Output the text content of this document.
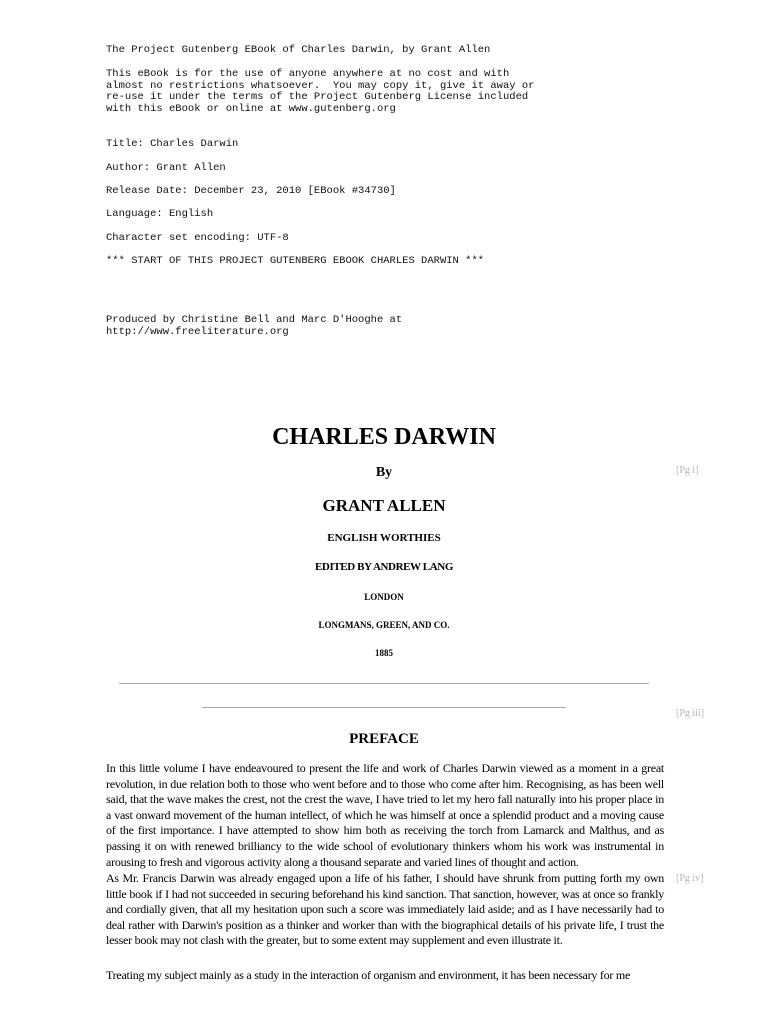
The Project Gutenberg EBook of Charles Darwin, by Grant Allen
This eBook is for the use of anyone anywhere at no cost and with
almost no restrictions whatsoever.  You may copy it, give it away or
re-use it under the terms of the Project Gutenberg License included
with this eBook or online at www.gutenberg.org
Title: Charles Darwin
Author: Grant Allen
Release Date: December 23, 2010 [EBook #34730]
Language: English
Character set encoding: UTF-8
*** START OF THIS PROJECT GUTENBERG EBOOK CHARLES DARWIN ***
Produced by Christine Bell and Marc D'Hooghe at
http://www.freeliterature.org
CHARLES DARWIN
By
GRANT ALLEN
ENGLISH WORTHIES
EDITED BY ANDREW LANG
LONDON
LONGMANS, GREEN, AND CO.
1885
[Pg i]
[Pg iii]
PREFACE

In this little volume I have endeavoured to present the life and work of Charles Darwin viewed as a moment in a great revolution, in due relation both to those who went before and to those who come after him. Recognising, as has been well said, that the wave makes the crest, not the crest the wave, I have tried to let my hero fall naturally into his proper place in a vast onward movement of the human intellect, of which he was himself at once a splendid product and a moving cause of the first importance. I have attempted to show him both as receiving the torch from Lamarck and Malthus, and as passing it on with renewed brilliancy to the wide school of evolutionary thinkers whom his work was instrumental in arousing to fresh and vigorous activity along a thousand separate and varied lines of thought and action.

As Mr. Francis Darwin was already engaged upon a life of his father, I should have shrunk from putting forth my own little book if I had not succeeded in securing beforehand his kind sanction. That sanction, however, was at once so frankly and cordially given, that all my hesitation upon such a score was immediately laid aside; and as I have necessarily had to deal rather with Darwin's position as a thinker and worker than with the biographical details of his private life, I trust the lesser book may not clash with the greater, but to some extent may supplement and even illustrate it.

[Pg iv]

Treating my subject mainly as a study in the interaction of organism and environment, it has been necessary for me
